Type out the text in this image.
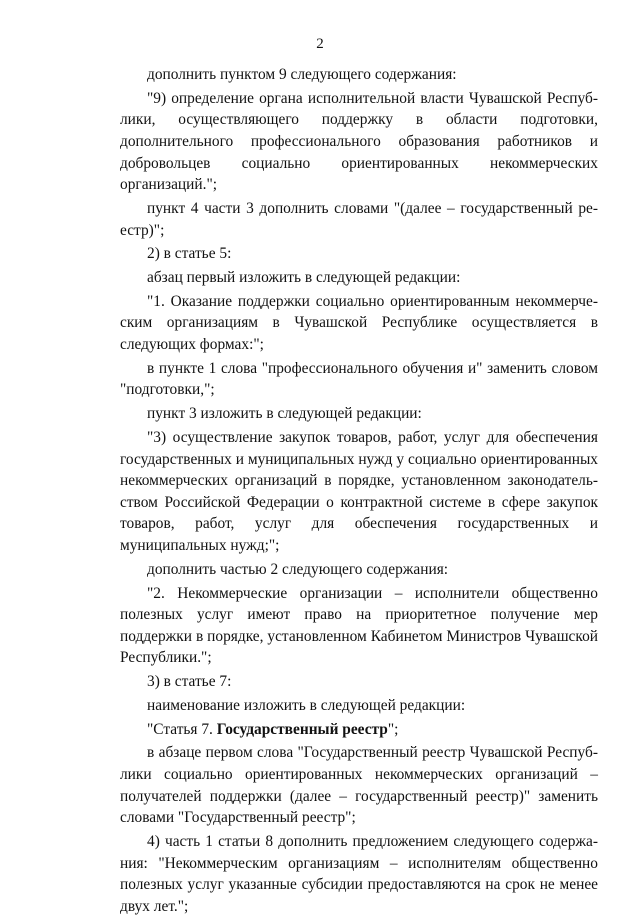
2

дополнить пунктом 9 следующего содержания:

"9) определение органа исполнительной власти Чувашской Республики, осуществляющего поддержку в области подготовки, дополнительного профессионального образования работников и добровольцев социально ориентированных некоммерческих организаций.";

пункт 4 части 3 дополнить словами "(далее – государственный реестр)";

2) в статье 5:

абзац первый изложить в следующей редакции:

"1. Оказание поддержки социально ориентированным некоммерческим организациям в Чувашской Республике осуществляется в следующих формах:";

в пункте 1 слова "профессионального обучения и" заменить словом "подготовки,";

пункт 3 изложить в следующей редакции:

"3) осуществление закупок товаров, работ, услуг для обеспечения государственных и муниципальных нужд у социально ориентированных некоммерческих организаций в порядке, установленном законодательством Российской Федерации о контрактной системе в сфере закупок товаров, работ, услуг для обеспечения государственных и муниципальных нужд;";

дополнить частью 2 следующего содержания:

"2. Некоммерческие организации – исполнители общественно полезных услуг имеют право на приоритетное получение мер поддержки в порядке, установленном Кабинетом Министров Чувашской Республики.";

3) в статье 7:

наименование изложить в следующей редакции:

"Статья 7. Государственный реестр";

в абзаце первом слова "Государственный реестр Чувашской Республики социально ориентированных некоммерческих организаций – получателей поддержки (далее – государственный реестр)" заменить словами "Государственный реестр";

4) часть 1 статьи 8 дополнить предложением следующего содержания: "Некоммерческим организациям – исполнителям общественно полезных услуг указанные субсидии предоставляются на срок не менее двух лет.";
